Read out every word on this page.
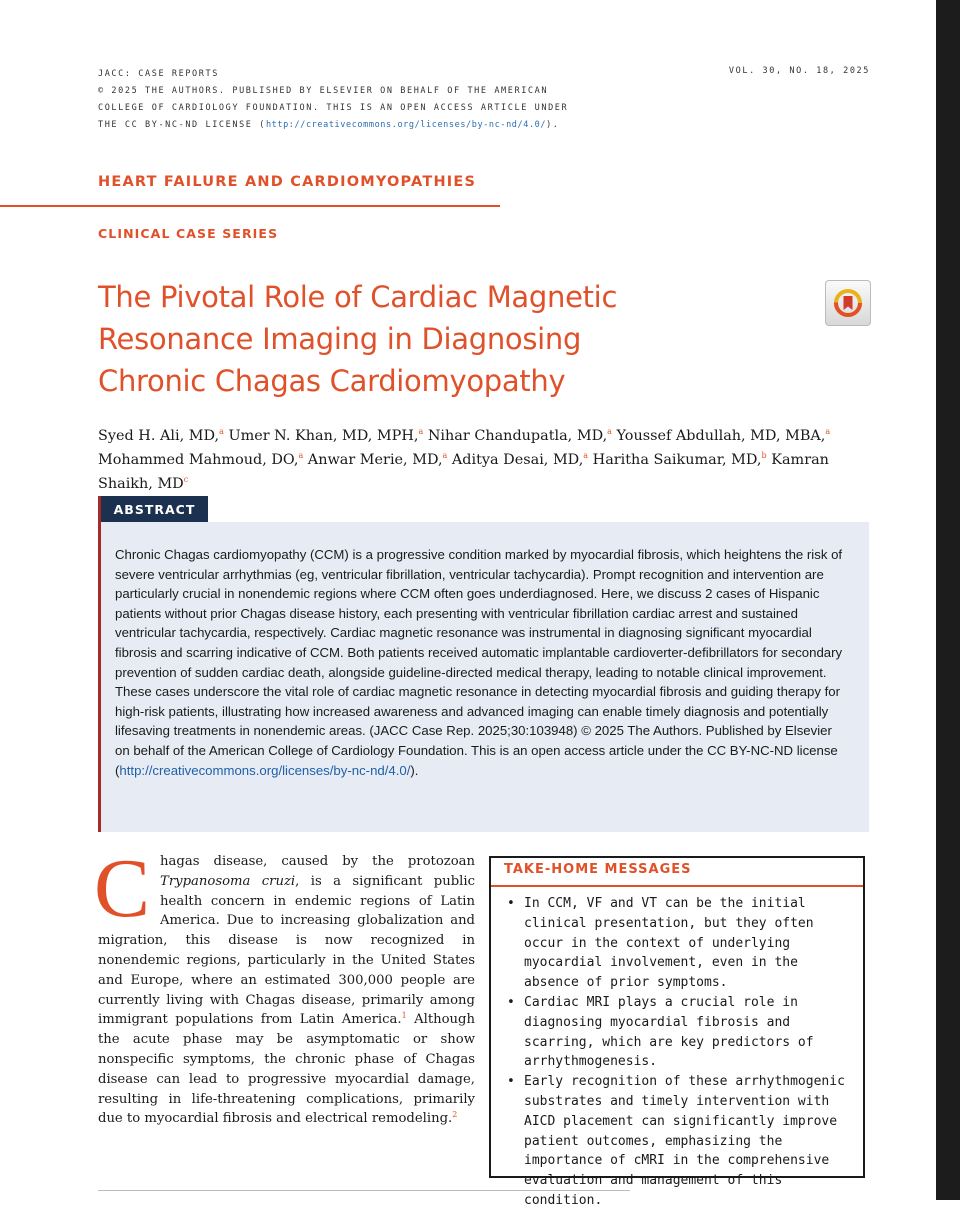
JACC: CASE REPORTS
© 2025 THE AUTHORS. PUBLISHED BY ELSEVIER ON BEHALF OF THE AMERICAN
COLLEGE OF CARDIOLOGY FOUNDATION. THIS IS AN OPEN ACCESS ARTICLE UNDER
THE CC BY-NC-ND LICENSE (http://creativecommons.org/licenses/by-nc-nd/4.0/).
VOL. 30, NO. 18, 2025
HEART FAILURE AND CARDIOMYOPATHIES
CLINICAL CASE SERIES
The Pivotal Role of Cardiac Magnetic
Resonance Imaging in Diagnosing
Chronic Chagas Cardiomyopathy
Syed H. Ali, MD,$^a$ Umer N. Khan, MD, MPH,$^a$ Nihar Chandupatla, MD,$^a$ Youssef Abdullah, MD, MBA,$^a$
Mohammed Mahmoud, DO,$^a$ Anwar Merie, MD,$^a$ Aditya Desai, MD,$^a$ Haritha Saikumar, MD,$^b$ Kamran Shaikh, $MD^c$
ABSTRACT
Chronic Chagas cardiomyopathy (CCM) is a progressive condition marked by myocardial fibrosis, which heightens the risk of severe ventricular arrhythmias (eg, ventricular fibrillation, ventricular tachycardia). Prompt recognition and intervention are particularly crucial in nonendemic regions where CCM often goes underdiagnosed. Here, we discuss 2 cases of Hispanic patients without prior Chagas disease history, each presenting with ventricular fibrillation cardiac arrest and sustained ventricular tachycardia, respectively. Cardiac magnetic resonance was instrumental in diagnosing significant myocardial fibrosis and scarring indicative of CCM. Both patients received automatic implantable cardioverter-defibrillators for secondary prevention of sudden cardiac death, alongside guideline-directed medical therapy, leading to notable clinical improvement. These cases underscore the vital role of cardiac magnetic resonance in detecting myocardial fibrosis and guiding therapy for high-risk patients, illustrating how increased awareness and advanced imaging can enable timely diagnosis and potentially lifesaving treatments in nonendemic areas. (JACC Case Rep. 2025;30:103948) © 2025 The Authors. Published by Elsevier on behalf of the American College of Cardiology Foundation. This is an open access article under the CC BY-NC-ND license (http://creativecommons.org/licenses/by-nc-nd/4.0/).
Chagas disease, caused by the protozoan Trypanosoma cruzi, is a significant public health concern in endemic regions of Latin America. Due to increasing globalization and migration, this disease is now recognized in nonendemic regions, particularly in the United States and Europe, where an estimated 300,000 people are currently living with Chagas disease, primarily among immigrant populations from Latin America.$^1$ Although the acute phase may be asymptomatic or show nonspecific symptoms, the chronic phase of Chagas disease can lead to progressive myocardial damage, resulting in life-threatening complications, primarily due to myocardial fibrosis and electrical remodeling.$^2$
TAKE-HOME MESSAGES
• In CCM, VF and VT can be the initial clinical presentation, but they often occur in the context of underlying myocardial involvement, even in the absence of prior symptoms.
• Cardiac MRI plays a crucial role in diagnosing myocardial fibrosis and scarring, which are key predictors of arrhythmogenesis.
• Early recognition of these arrhythmogenic substrates and timely intervention with AICD placement can significantly improve patient outcomes, emphasizing the importance of cMRI in the comprehensive evaluation and management of this condition.
